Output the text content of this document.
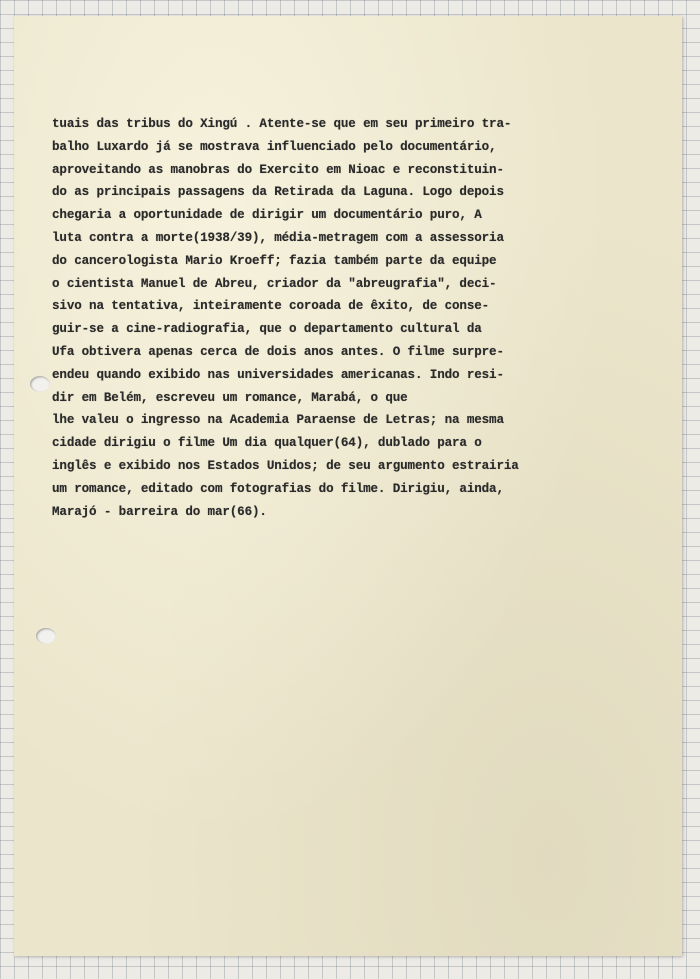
tuais das tribus do Xingú . Atente-se que em seu primeiro tra-
balho Luxardo já se mostrava influenciado pelo documentário,
aproveitando as manobras do Exercito em Nioac e reconstituin-
do as principais passagens da Retirada da Laguna. Logo depois
chegaria a oportunidade de dirigir um documentário puro, A
luta contra a morte(1938/39), média-metragem com a assessoria
do cancerologista Mario Kroeff; fazia também parte da equipe
o cientista Manuel de Abreu, criador da "abreugrafia", deci-
sivo na tentativa, inteiramente coroada de êxito, de conse-
guir-se a cine-radiografia, que o departamento cultural da
Ufa obtivera apenas cerca de dois anos antes. O filme surpre-
endeu quando exibido nas universidades americanas. Indo resi-
dir em Belém, escreveu um romance, Marabá, o que
lhe valeu o ingresso na Academia Paraense de Letras; na mesma
cidade dirigiu o filme Um dia qualquer(64), dublado para o
inglês e exibido nos Estados Unidos; de seu argumento estrairia
um romance, editado com fotografias do filme. Dirigiu, ainda,
Marajó - barreira do mar(66).
